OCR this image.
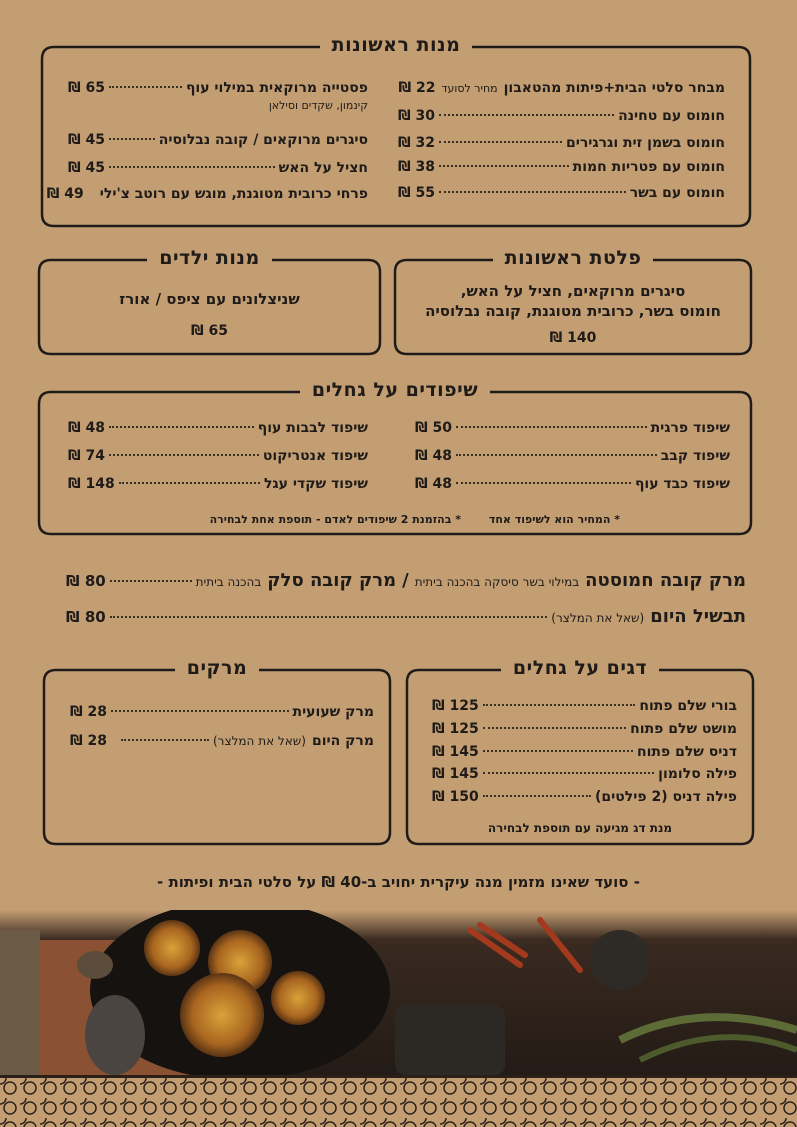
מנות ראשונות
מבחר סלטי הבית+פיתות מהטאבון
מחיר לסועד
₪ 22
חומוס עם טחינה
₪ 30
חומוס בשמן זית וגרגירים
₪ 32
חומוס עם פטריות חמות
₪ 38
חומוס עם בשר
₪ 55
פסטייה מרוקאית במילוי עוף
₪ 65
קינמון, שקדים וסילאן
סיגרים מרוקאים / קובה נבלוסיה
₪ 45
חציל על האש
₪ 45
פרחי כרובית מטוגנת, מוגש עם רוטב צ'ילי
₪ 49
פלטת ראשונות
סיגרים מרוקאים, חציל על האש,
חומוס בשר, כרובית מטוגנת, קובה נבלוסיה
140 ₪
מנות ילדים
שניצלונים עם ציפס / אורז
65 ₪
שיפודים על גחלים
שיפוד פרגית
₪ 50
שיפוד קבב
₪ 48
שיפוד כבד עוף
₪ 48
שיפוד לבבות עוף
₪ 48
שיפוד אנטריקוט
₪ 74
שיפוד שקדי עגל
₪ 148
* המחיר הוא לשיפוד אחד
* בהזמנת 2 שיפודים לאדם - תוספת אחת לבחירה
מרק קובה חמוסטה
במילוי בשר סיסקה בהכנה ביתית
/
מרק קובה סלק
בהכנה ביתית
₪ 80
תבשיל היום
(שאל את המלצר)
₪ 80
דגים על גחלים
בורי שלם פתוח
₪ 125
מושט שלם פתוח
₪ 125
דניס שלם פתוח
₪ 145
פילה סלומון
₪ 145
פילה דניס (2 פילטים)
₪ 150
מנת דג מגיעה עם תוספת לבחירה
מרקים
מרק שעועית
₪ 28
מרק היום
(שאל את המלצר)
₪ 28
- סועד שאינו מזמין מנה עיקרית יחויב ב-40 ₪ על סלטי הבית ופיתות -
